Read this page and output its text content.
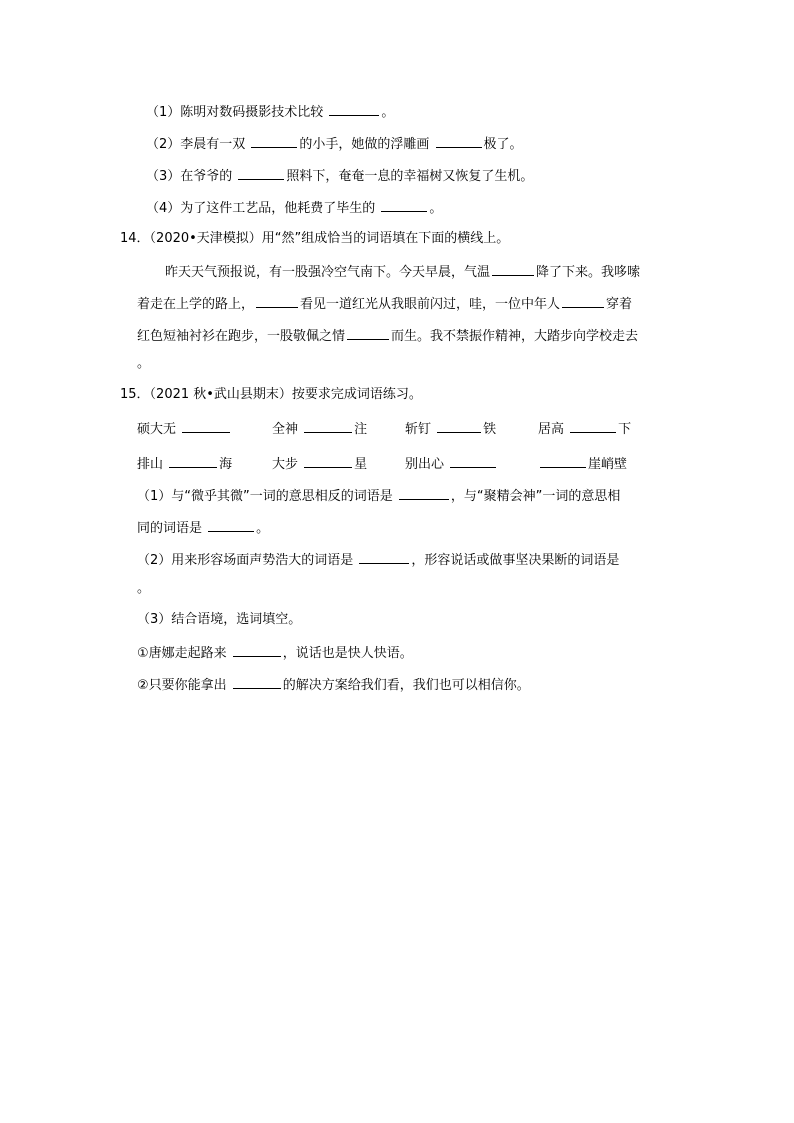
（1）陈明对数码摄影技术比较	。
（2）李晨有一双	的小手，她做的浮雕画	极了。
（3）在爷爷的	照料下，奄奄一息的幸福树又恢复了生机。
（4）为了这件工艺品，他耗费了毕生的	。
14．（2020•天津模拟）用“然”组成恰当的词语填在下面的横线上。
昨天天气预报说，有一股强冷空气南下。今天早晨，气温	降了下来。我哆嗦
着走在上学的路上，	看见一道红光从我眼前闪过，哇，一位中年人	穿着
红色短袖衬衫在跑步，一股敬佩之情	而生。我不禁振作精神，大踏步向学校走去
。
15．（2021 秋•武山县期末）按要求完成词语练习。
硕大无	全神	注	斩钉	铁	居高	下
排山	海	大步	星	别出心	崖峭壁
（1）与“微乎其微”一词的意思相反的词语是	，与“聚精会神”一词的意思相
同的词语是	。
（2）用来形容场面声势浩大的词语是	，形容说话或做事坚决果断的词语是
。
（3）结合语境，选词填空。
①唐娜走起路来	，说话也是快人快语。
②只要你能拿出	的解决方案给我们看，我们也可以相信你。
